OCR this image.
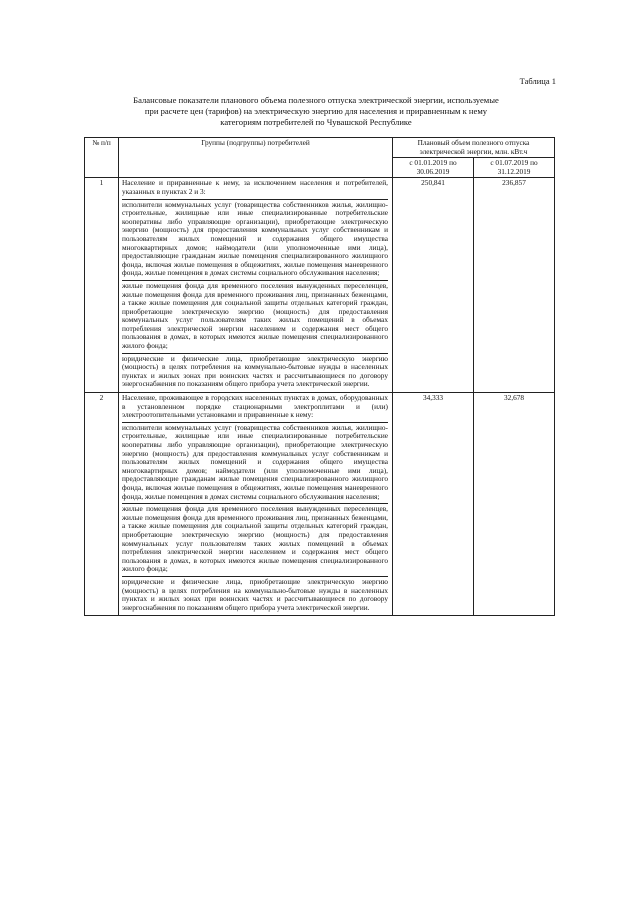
Таблица 1
Балансовые показатели планового объема полезного отпуска электрической энергии, используемые при расчете цен (тарифов) на электрическую энергию для населения и приравненным к нему категориям потребителей по Чувашской Республике
№ п/п	Группы (подгруппы) потребителей	Плановый объем полезного отпуска электрической энергии, млн. кВт.ч	
		с 01.01.2019 по 30.06.2019	с 01.07.2019 по 31.12.2019
1	Население и приравненные к нему, за исключением населения и потребителей, указанных в пунктах 2 и 3:
исполнители коммунальных услуг (товарищества собственников жилья, жилищно-строительные, жилищные или иные специализированные потребительские кооперативы либо управляющие организации), приобретающие электрическую энергию (мощность) для предоставления коммунальных услуг собственникам и пользователям жилых помещений и содержания общего имущества многоквартирных домов; наймодатели (или уполномоченные ими лица), предоставляющие гражданам жилые помещения специализированного жилищного фонда, включая жилые помещения в общежитиях, жилые помещения маневренного фонда, жилые помещения в домах системы социального обслуживания населения;
жилые помещения фонда для временного поселения вынужденных переселенцев, жилые помещения фонда для временного проживания лиц, признанных беженцами, а также жилые помещения для социальной защиты отдельных категорий граждан, приобретающие электрическую энергию (мощность) для предоставления коммунальных услуг пользователям таких жилых помещений в объемах потребления электрической энергии населением и содержания мест общего пользования в домах, в которых имеются жилые помещения специализированного жилого фонда;
юридические и физические лица, приобретающие электрическую энергию (мощность) в целях потребления на коммунально-бытовые нужды в населенных пунктах и жилых зонах при воинских частях и рассчитывающиеся по договору энергоснабжения по показаниям общего прибора учета электрической энергии.	250,841	236,857
2	Население, проживающее в городских населенных пунктах в домах, оборудованных в установленном порядке стационарными электроплитами и (или) электроотопительными установками и приравненные к нему:
исполнители коммунальных услуг (товарищества собственников жилья, жилищно-строительные, жилищные или иные специализированные потребительские кооперативы либо управляющие организации), приобретающие электрическую энергию (мощность) для предоставления коммунальных услуг собственникам и пользователям жилых помещений и содержания общего имущества многоквартирных домов; наймодатели (или уполномоченные ими лица), предоставляющие гражданам жилые помещения специализированного жилищного фонда, включая жилые помещения в общежитиях, жилые помещения маневренного фонда, жилые помещения в домах системы социального обслуживания населения;
жилые помещения фонда для временного поселения вынужденных переселенцев, жилые помещения фонда для временного проживания лиц, признанных беженцами, а также жилые помещения для социальной защиты отдельных категорий граждан, приобретающие электрическую энергию (мощность) для предоставления коммунальных услуг пользователям таких жилых помещений в объемах потребления электрической энергии населением и содержания мест общего пользования в домах, в которых имеются жилые помещения специализированного жилого фонда;
юридические и физические лица, приобретающие электрическую энергию (мощность) в целях потребления на коммунально-бытовые нужды в населенных пунктах и жилых зонах при воинских частях и рассчитывающиеся по договору энергоснабжения по показаниям общего прибора учета электрической энергии.	34,333	32,678
